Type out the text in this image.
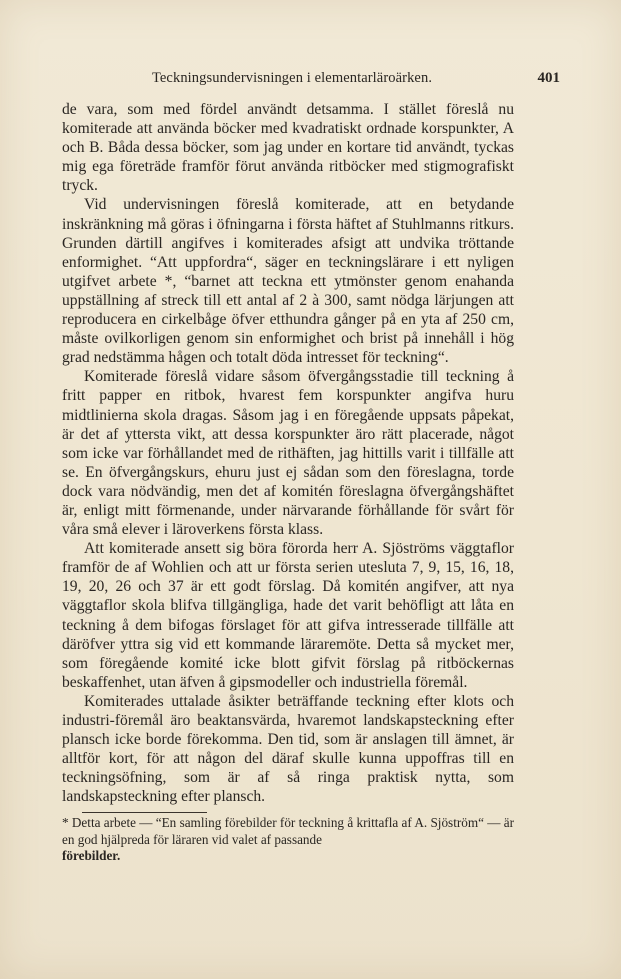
Teckningsundervisningen i elementarläroärken.	401

de vara, som med fördel användt detsamma. I stället föreslå nu komiterade att använda böcker med kvadratiskt ordnade korspunkter, A och B. Båda dessa böcker, som jag under en kortare tid användt, tyckas mig ega företräde framför förut använda ritböcker med stigmografiskt tryck.

Vid undervisningen föreslå komiterade, att en betydande inskränkning må göras i öfningarna i första häftet af Stuhlmanns ritkurs. Grunden därtill angifves i komiterades afsigt att undvika tröttande enformighet. “Att uppfordra“, säger en teckningslärare i ett nyligen utgifvet arbete *, “barnet att teckna ett ytmönster genom enahanda uppställning af streck till ett antal af 2 à 300, samt nödga lärjungen att reproducera en cirkelbåge öfver etthundra gånger på en yta af 250 cm, måste ovilkorligen genom sin enformighet och brist på innehåll i hög grad nedstämma hågen och totalt döda intresset för teckning“.

Komiterade föreslå vidare såsom öfvergångsstadie till teckning å fritt papper en ritbok, hvarest fem korspunkter angifva huru midtlinierna skola dragas. Såsom jag i en föregående uppsats påpekat, är det af yttersta vikt, att dessa korspunkter äro rätt placerade, något som icke var förhållandet med de rithäften, jag hittills varit i tillfälle att se. En öfvergångskurs, ehuru just ej sådan som den föreslagna, torde dock vara nödvändig, men det af komitén föreslagna öfvergångshäftet är, enligt mitt förmenande, under närvarande förhållande för svårt för våra små elever i läroverkens första klass.

Att komiterade ansett sig böra förorda herr A. Sjöströms väggtaflor framför de af Wohlien och att ur första serien utesluta 7, 9, 15, 16, 18, 19, 20, 26 och 37 är ett godt förslag. Då komitén angifver, att nya väggtaflor skola blifva tillgängliga, hade det varit behöfligt att låta en teckning å dem bifogas förslaget för att gifva intresserade tillfälle att däröfver yttra sig vid ett kommande läraremöte. Detta så mycket mer, som föregående komité icke blott gifvit förslag på ritböckernas beskaffenhet, utan äfven å gipsmodeller och industriella föremål.

Komiterades uttalade åsikter beträffande teckning efter klots och industri-föremål äro beaktansvärda, hvaremot landskapsteckning efter plansch icke borde förekomma. Den tid, som är anslagen till ämnet, är alltför kort, för att någon del däraf skulle kunna uppoffras till en teckningsöfning, som är af så ringa praktisk nytta, som landskapsteckning efter plansch.

* Detta arbete — “En samling förebilder för teckning å krittafla af A. Sjöström“ — är en god hjälpreda för läraren vid valet af passande

förebilder.
